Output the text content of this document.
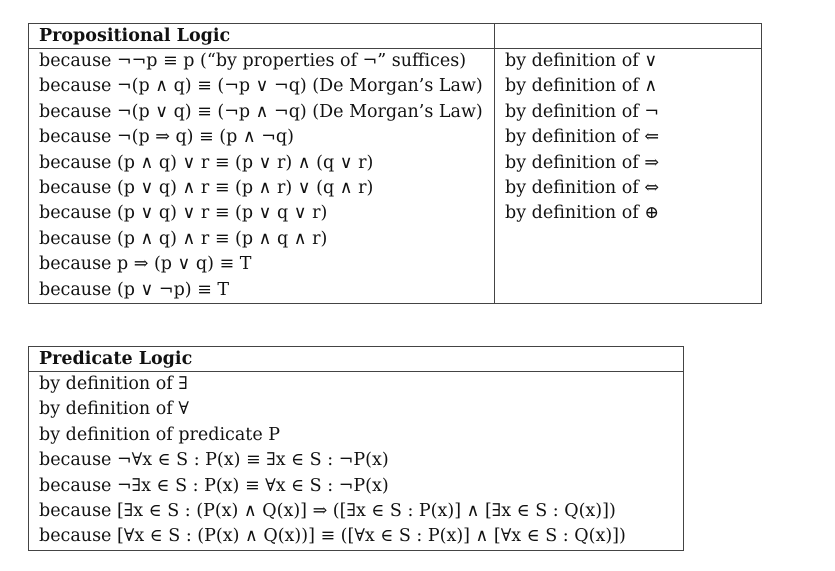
Propositional Logic	
because ¬¬p ≡ p (“by properties of ¬” suffices)	by definition of ∨
because ¬(p ∧ q) ≡ (¬p ∨ ¬q) (De Morgan’s Law)	by definition of ∧
because ¬(p ∨ q) ≡ (¬p ∧ ¬q) (De Morgan’s Law)	by definition of ¬
because ¬(p ⇒ q) ≡ (p ∧ ¬q)	by definition of ⇐
because (p ∧ q) ∨ r ≡ (p ∨ r) ∧ (q ∨ r)	by definition of ⇒
because (p ∨ q) ∧ r ≡ (p ∧ r) ∨ (q ∧ r)	by definition of ⇔
because (p ∨ q) ∨ r ≡ (p ∨ q ∨ r)	by definition of ⊕
because (p ∧ q) ∧ r ≡ (p ∧ q ∧ r)	
because p ⇒ (p ∨ q) ≡ T	
because (p ∨ ¬p) ≡ T	
Predicate Logic
by definition of ∃
by definition of ∀
by definition of predicate P
because ¬∀x ∈ S : P(x) ≡ ∃x ∈ S : ¬P(x)
because ¬∃x ∈ S : P(x) ≡ ∀x ∈ S : ¬P(x)
because [∃x ∈ S : (P(x) ∧ Q(x)] ⇒ ([∃x ∈ S : P(x)] ∧ [∃x ∈ S : Q(x)])
because [∀x ∈ S : (P(x) ∧ Q(x))] ≡ ([∀x ∈ S : P(x)] ∧ [∀x ∈ S : Q(x)])
